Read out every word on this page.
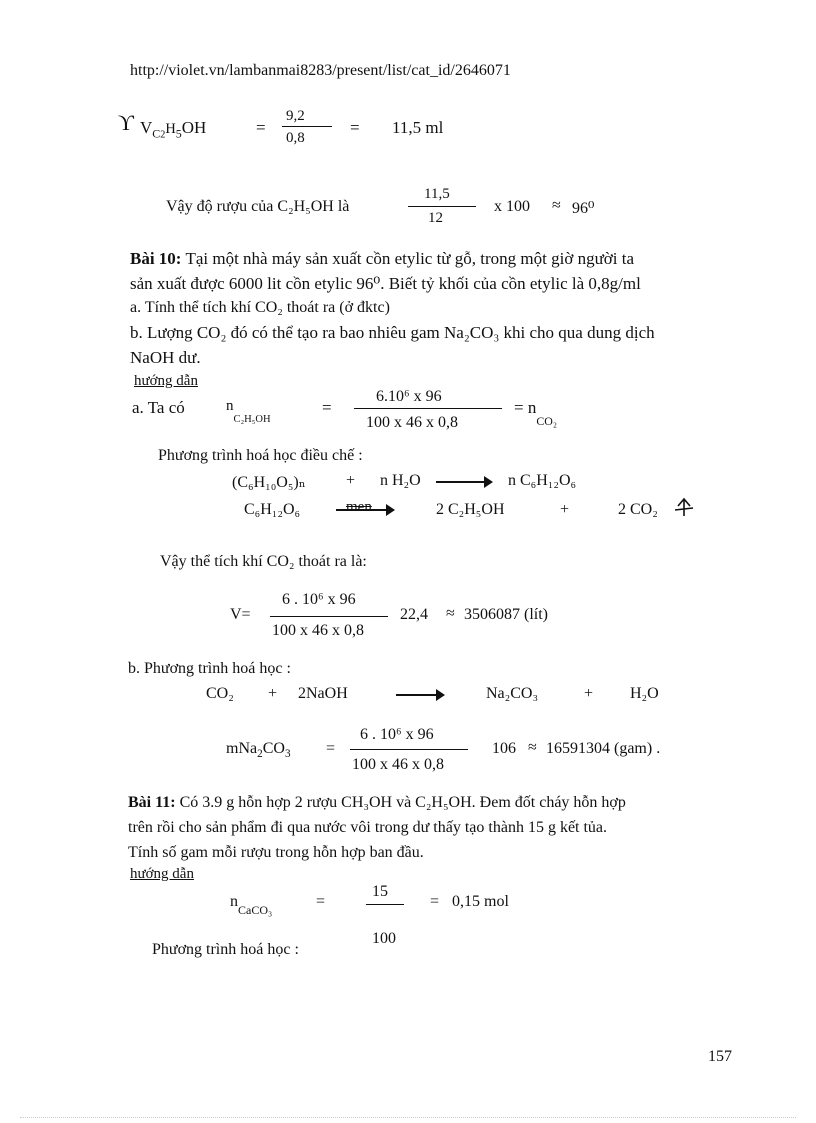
http://violet.vn/lambanmai8283/present/list/cat_id/2646071
ϒ $V_{C2}H_5OH$	=
9,2
0,8
= 11,5 ml
Vậy độ rượu của C₂H₅OH là
11,5
12
x 100 ≈ 96⁰
Bài 10: Tại một nhà máy sản xuất cồn etylic từ gỗ, trong một giờ người ta
sản xuất được 6000 lit cồn etylic 96⁰. Biết tỷ khối của cồn etylic là 0,8g/ml
a. Tính thể tích khí CO₂ thoát ra (ở đktc)
b. Lượng CO₂ đó có thể tạo ra bao nhiêu gam Na₂CO₃ khi cho qua dung dịch
NaOH dư.
hướng dẫn
a. Ta có	$n_{C_2H_5OH}$
=
6.10⁶ x 96
100 x 46 x 0,8
= $n_{CO_2}$
Phương trình hoá học điều chế :
(C₆H₁₀O₅)ₙ	+ n H₂O	n C₆H₁₂O₆
C₆H₁₂O₆	men	2 C₂H₅OH	+	2 CO₂
Vậy thể tích khí CO₂ thoát ra là:
V=
6 . 10⁶ x 96
100 x 46 x 0,8
22,4 ≈ 3506087 (lít)
b. Phương trình hoá học :
CO₂ + 2NaOH	Na₂CO₃	+ H₂O
$mNa_2CO_3$ =
6 . 10⁶ x 96
100 x 46 x 0,8
106 ≈ 16591304 (gam) .
Bài 11: Có 3.9 g hỗn hợp 2 rượu CH₃OH và C₂H₅OH. Đem đốt cháy hỗn hợp
trên rồi cho sản phẩm đi qua nước vôi trong dư thấy tạo thành 15 g kết tủa.
Tính số gam mỗi rượu trong hỗn hợp ban đầu.
hướng dẫn
$n_{CaCO_3}$
=
15
100
= 0,15 mol
Phương trình hoá học :
157
